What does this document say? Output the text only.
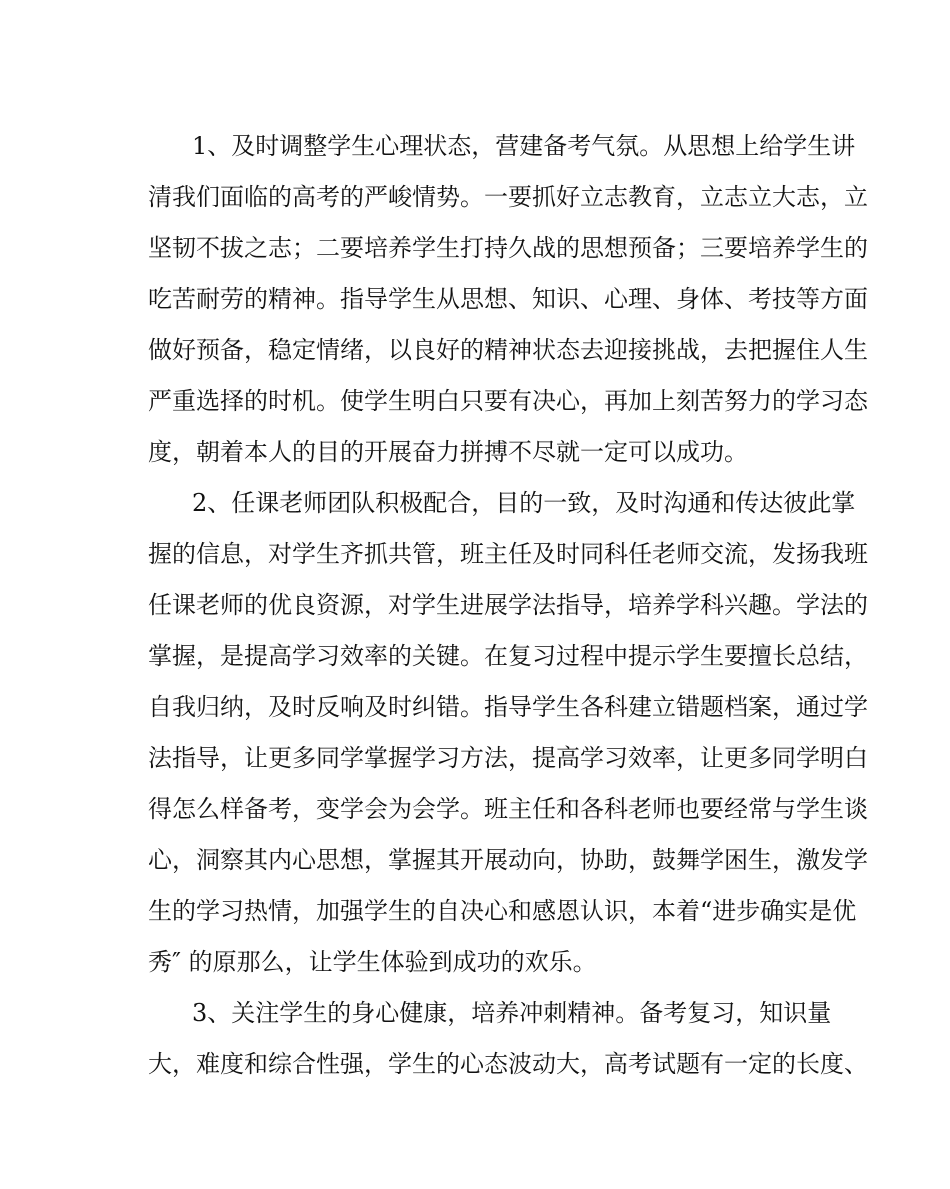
1、及时调整学生心理状态，营建备考气氛。从思想上给学生讲
清我们面临的高考的严峻情势。一要抓好立志教育，立志立大志，立
坚韧不拔之志；二要培养学生打持久战的思想预备；三要培养学生的
吃苦耐劳的精神。指导学生从思想、知识、心理、身体、考技等方面
做好预备，稳定情绪，以良好的精神状态去迎接挑战，去把握住人生
严重选择的时机。使学生明白只要有决心，再加上刻苦努力的学习态
度，朝着本人的目的开展奋力拼搏不尽就一定可以成功。
2、任课老师团队积极配合，目的一致，及时沟通和传达彼此掌
握的信息，对学生齐抓共管，班主任及时同科任老师交流，发扬我班
任课老师的优良资源，对学生进展学法指导，培养学科兴趣。学法的
掌握，是提高学习效率的关键。在复习过程中提示学生要擅长总结，
自我归纳，及时反响及时纠错。指导学生各科建立错题档案，通过学
法指导，让更多同学掌握学习方法，提高学习效率，让更多同学明白
得怎么样备考，变学会为会学。班主任和各科老师也要经常与学生谈
心，洞察其内心思想，掌握其开展动向，协助，鼓舞学困生，激发学
生的学习热情，加强学生的自决心和感恩认识，本着“进步确实是优
秀″ 的原那么，让学生体验到成功的欢乐。
3、关注学生的身心健康，培养冲刺精神。备考复习，知识量
大，难度和综合性强，学生的心态波动大，高考试题有一定的长度、
